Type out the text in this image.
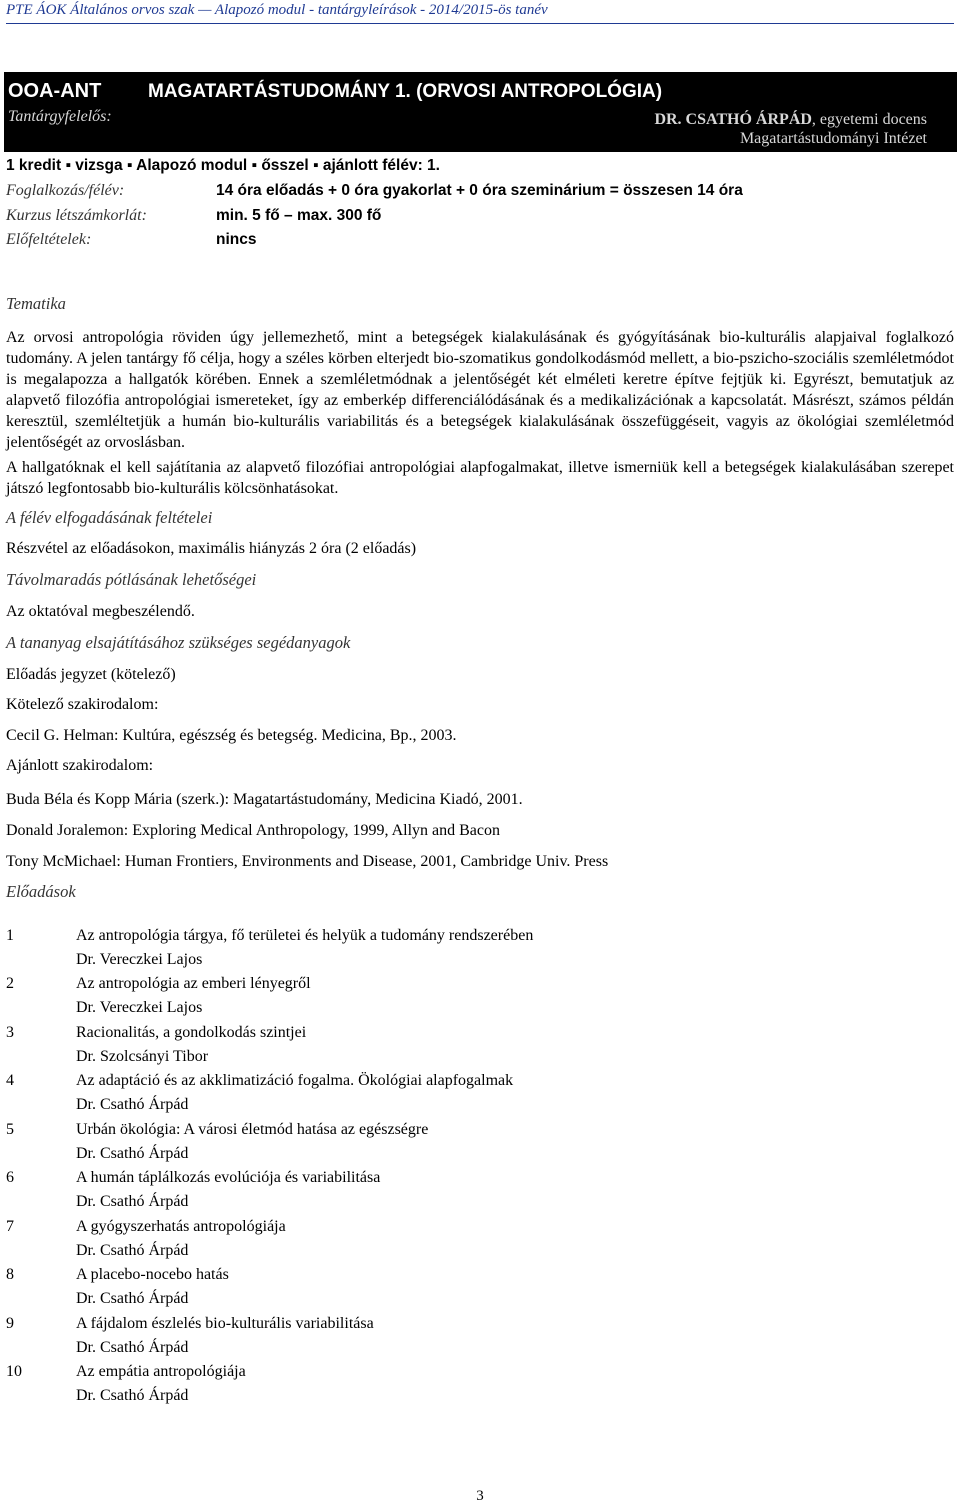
PTE ÁOK Általános orvos szak — Alapozó modul - tantárgyleírások - 2014/2015-ös tanév
OOA-ANT MAGATARTÁSTUDOMÁNY 1. (ORVOSI ANTROPOLÓGIA)
Tantárgyfelelős:	DR. CSATHÓ ÁRPÁD, egyetemi docens
Magatartástudományi Intézet
1 kredit ▪ vizsga ▪ Alapozó modul ▪ ősszel ▪ ajánlott félév: 1.
Foglalkozás/félév:	14 óra előadás + 0 óra gyakorlat + 0 óra szeminárium = összesen 14 óra
Kurzus létszámkorlát:	min. 5 fő – max. 300 fő
Előfeltételek:	nincs
Tematika
Az orvosi antropológia röviden úgy jellemezhető, mint a betegségek kialakulásának és gyógyításának bio-kulturális alapjaival foglalkozó tudomány. A jelen tantárgy fő célja, hogy a széles körben elterjedt bio-szomatikus gondolkodásmód mellett, a bio-pszicho-szociális szemléletmódot is megalapozza a hallgatók körében. Ennek a szemléletmódnak a jelentőségét két elméleti keretre építve fejtjük ki. Egyrészt, bemutatjuk az alapvető filozófia antropológiai ismereteket, így az emberkép differenciálódásának és a medikalizációnak a kapcsolatát. Másrészt, számos példán keresztül, szemléltetjük a humán bio-kulturális variabilitás és a betegségek kialakulásának összefüggéseit, vagyis az ökológiai szemléletmód jelentőségét az orvoslásban.
A hallgatóknak el kell sajátítania az alapvető filozófiai antropológiai alapfogalmakat, illetve ismerniük kell a betegségek kialakulásában szerepet játszó legfontosabb bio-kulturális kölcsönhatásokat.
A félév elfogadásának feltételei
Részvétel az előadásokon, maximális hiányzás 2 óra (2 előadás)
Távolmaradás pótlásának lehetőségei
Az oktatóval megbeszélendő.
A tananyag elsajátításához szükséges segédanyagok
Előadás jegyzet (kötelező)
Kötelező szakirodalom:
Cecil G. Helman: Kultúra, egészség és betegség. Medicina, Bp., 2003.
Ajánlott szakirodalom:
Buda Béla és Kopp Mária (szerk.): Magatartástudomány, Medicina Kiadó, 2001.
Donald Joralemon: Exploring Medical Anthropology, 1999, Allyn and Bacon
Tony McMichael: Human Frontiers, Environments and Disease, 2001, Cambridge Univ. Press
Előadások
1	Az antropológia tárgya, fő területei és helyük a tudomány rendszerében
Dr. Vereczkei Lajos
2	Az antropológia az emberi lényegről
Dr. Vereczkei Lajos
3	Racionalitás, a gondolkodás szintjei
Dr. Szolcsányi Tibor
4	Az adaptáció és az akklimatizáció fogalma. Ökológiai alapfogalmak
Dr. Csathó Árpád
5	Urbán ökológia: A városi életmód hatása az egészségre
Dr. Csathó Árpád
6	A humán táplálkozás evolúciója és variabilitása
Dr. Csathó Árpád
7	A gyógyszerhatás antropológiája
Dr. Csathó Árpád
8	A placebo-nocebo hatás
Dr. Csathó Árpád
9	A fájdalom észlelés bio-kulturális variabilitása
Dr. Csathó Árpád
10	Az empátia antropológiája
Dr. Csathó Árpád
3
